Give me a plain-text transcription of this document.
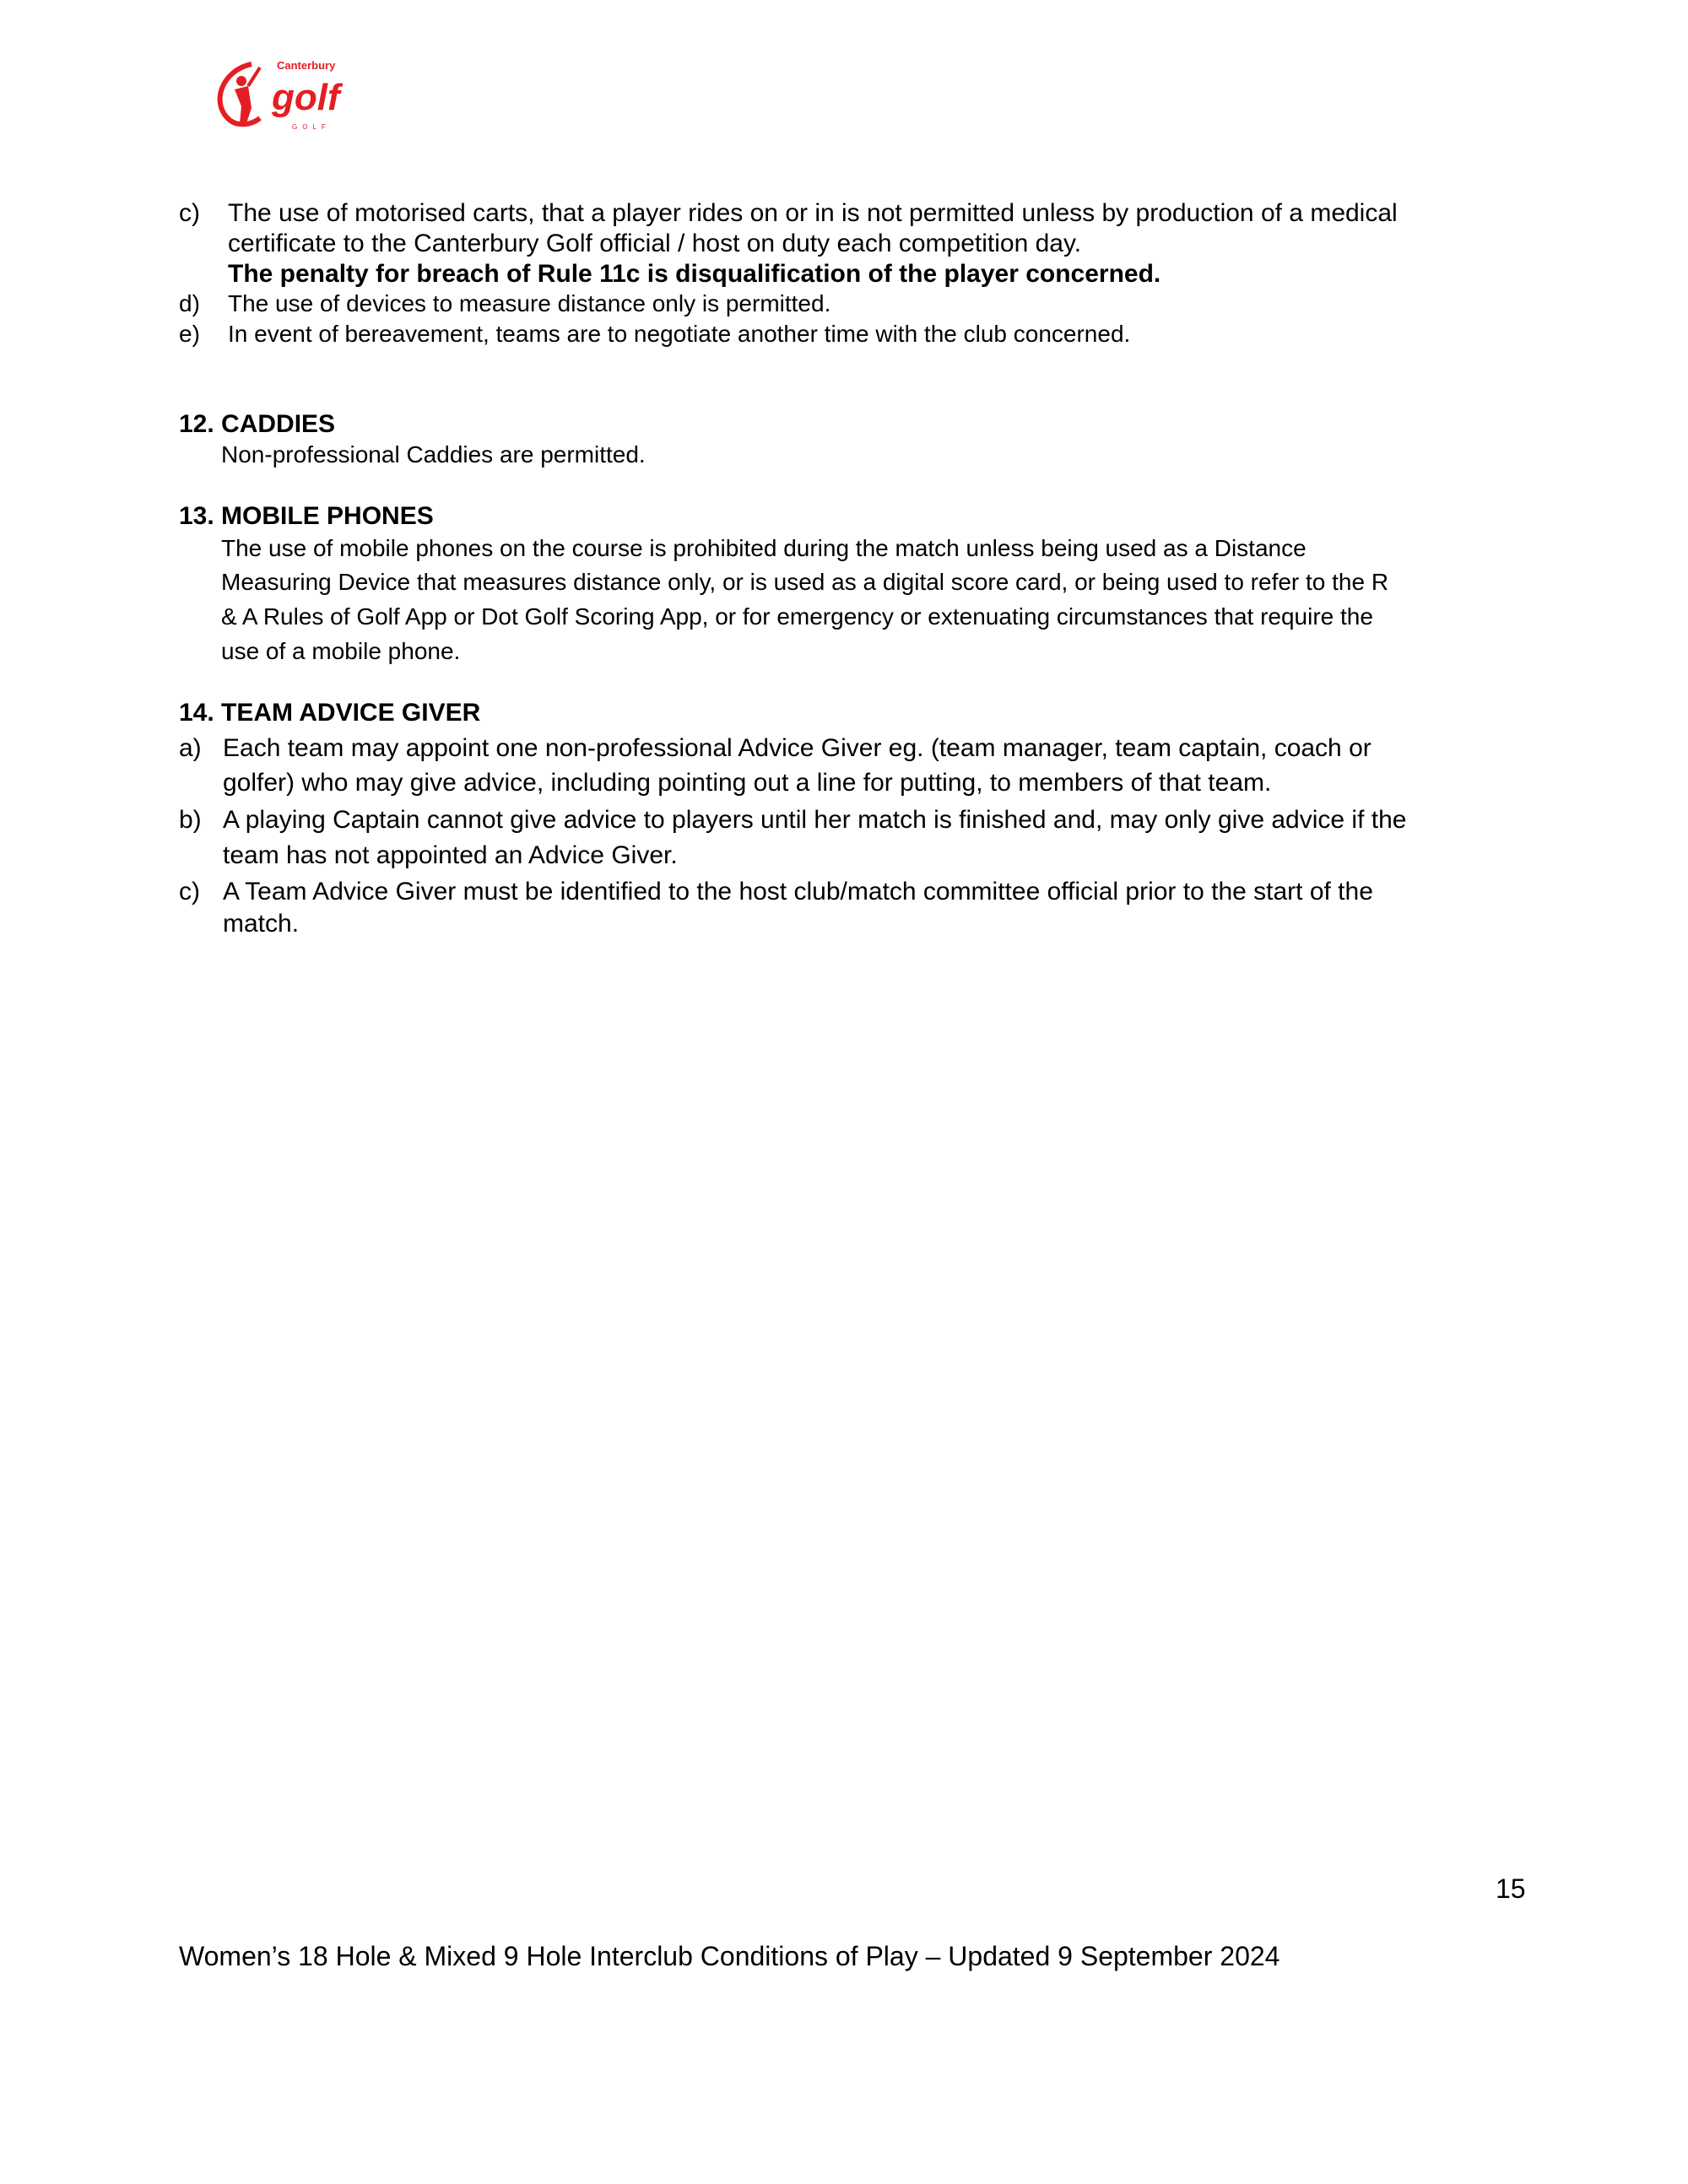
Canterbury
golf
GOLF
c) The use of motorised carts, that a player rides on or in is not permitted unless by production of a medical
certificate to the Canterbury Golf official / host on duty each competition day.
The penalty for breach of Rule 11c is disqualification of the player concerned.
d) The use of devices to measure distance only is permitted.
e) In event of bereavement, teams are to negotiate another time with the club concerned.
12. CADDIES
Non-professional Caddies are permitted.
13. MOBILE PHONES
The use of mobile phones on the course is prohibited during the match unless being used as a Distance
Measuring Device that measures distance only, or is used as a digital score card, or being used to refer to the R
& A Rules of Golf App or Dot Golf Scoring App, or for emergency or extenuating circumstances that require the
use of a mobile phone.
14. TEAM ADVICE GIVER
a) Each team may appoint one non-professional Advice Giver eg. (team manager, team captain, coach or
golfer) who may give advice, including pointing out a line for putting, to members of that team.
b) A playing Captain cannot give advice to players until her match is finished and, may only give advice if the
team has not appointed an Advice Giver.
c) A Team Advice Giver must be identified to the host club/match committee official prior to the start of the
match.
15
Women’s 18 Hole & Mixed 9 Hole Interclub Conditions of Play – Updated 9 September 2024
